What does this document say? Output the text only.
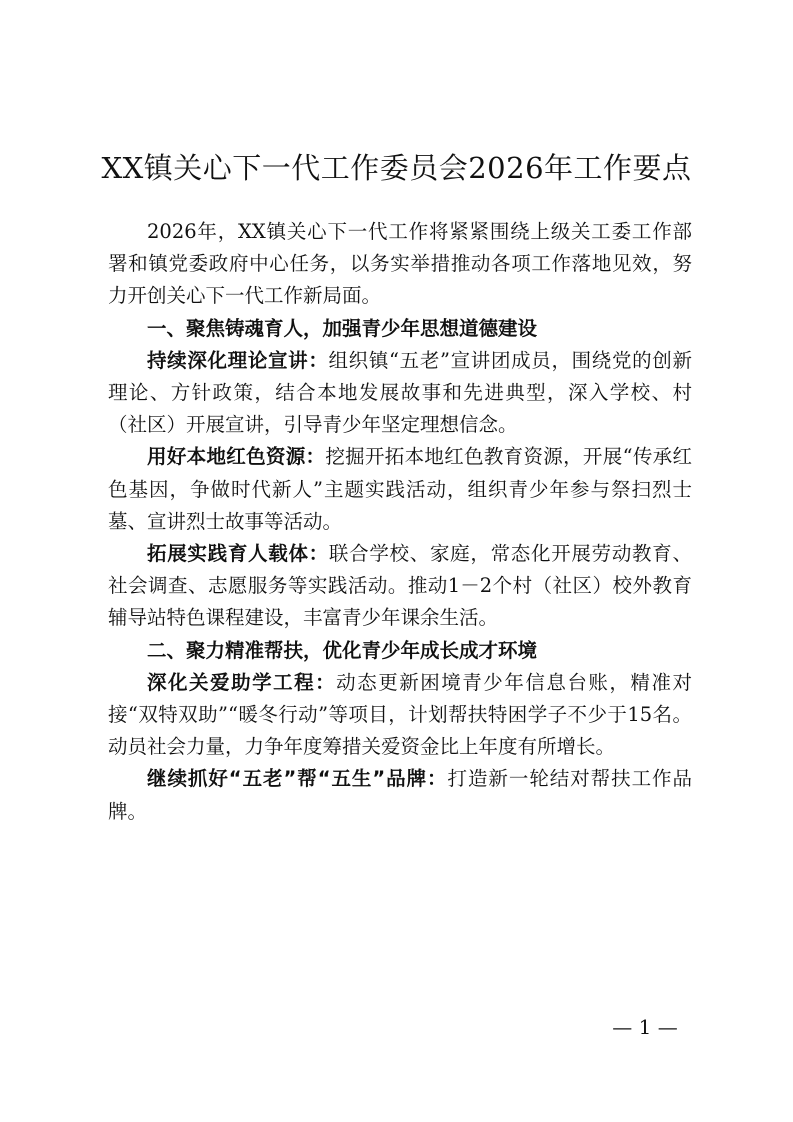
XX镇关心下一代工作委员会2026年工作要点

2026年，XX镇关心下一代工作将紧紧围绕上级关工委工作部署和镇党委政府中心任务，以务实举措推动各项工作落地见效，努力开创关心下一代工作新局面。

一、聚焦铸魂育人，加强青少年思想道德建设

持续深化理论宣讲：组织镇“五老”宣讲团成员，围绕党的创新理论、方针政策，结合本地发展故事和先进典型，深入学校、村（社区）开展宣讲，引导青少年坚定理想信念。

用好本地红色资源：挖掘开拓本地红色教育资源，开展“传承红色基因，争做时代新人”主题实践活动，组织青少年参与祭扫烈士墓、宣讲烈士故事等活动。

拓展实践育人载体：联合学校、家庭，常态化开展劳动教育、社会调查、志愿服务等实践活动。推动1－2个村（社区）校外教育辅导站特色课程建设，丰富青少年课余生活。

二、聚力精准帮扶，优化青少年成长成才环境

深化关爱助学工程：动态更新困境青少年信息台账，精准对接“双特双助”“暖冬行动”等项目，计划帮扶特困学子不少于15名。动员社会力量，力争年度筹措关爱资金比上年度有所增长。

继续抓好“五老”帮“五生”品牌：打造新一轮结对帮扶工作品牌。

— 1 —
